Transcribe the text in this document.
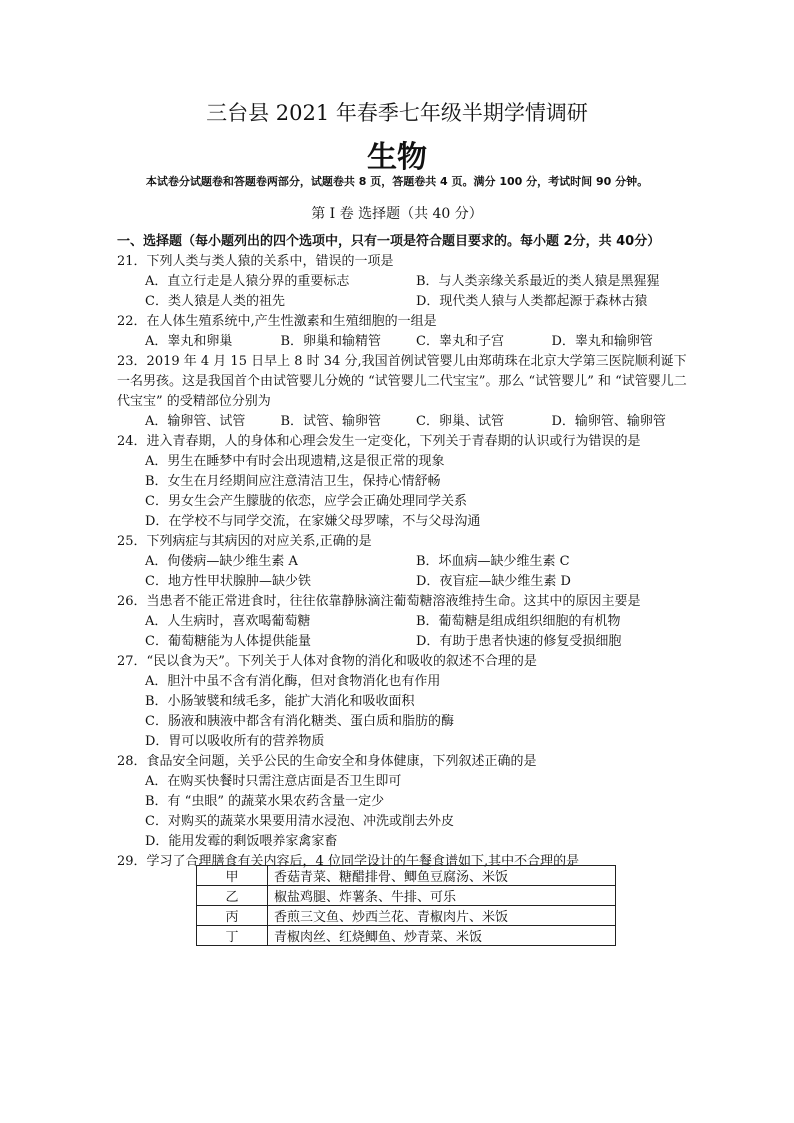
三台县 2021 年春季七年级半期学情调研
生物
本试卷分试题卷和答题卷两部分，试题卷共 8 页，答题卷共 4 页。满分 100 分，考试时间 90 分钟。
第 Ⅰ 卷 选择题（共 40 分）
一、选择题（每小题列出的四个选项中，只有一项是符合题目要求的。每小题 2分，共 40分）
21．下列人类与类人猿的关系中，错误的一项是
A．直立行走是人猿分界的重要标志	B．与人类亲缘关系最近的类人猿是黑猩猩
C．类人猿是人类的祖先	D．现代类人猿与人类都起源于森林古猿
22．在人体生殖系统中,产生性激素和生殖细胞的一组是
A．睾丸和卵巢	B．卵巢和输精管	C．睾丸和子宫	D．睾丸和输卵管
23．2019 年 4 月 15 日早上 8 时 34 分,我国首例试管婴儿由郑萌珠在北京大学第三医院顺利诞下一名男孩。这是我国首个由试管婴儿分娩的 “试管婴儿二代宝宝”。那么 “试管婴儿” 和 “试管婴儿二代宝宝” 的受精部位分别为
A．输卵管、试管	B．试管、输卵管	C．卵巢、试管	D．输卵管、输卵管
24．进入青春期，人的身体和心理会发生一定变化，下列关于青春期的认识或行为错误的是
A．男生在睡梦中有时会出现遗精,这是很正常的现象
B．女生在月经期间应注意清洁卫生，保持心情舒畅
C．男女生会产生朦胧的依恋，应学会正确处理同学关系
D．在学校不与同学交流，在家嫌父母罗嗦，不与父母沟通
25．下列病症与其病因的对应关系,正确的是
A．佝偻病—缺少维生素 A	B．坏血病—缺少维生素 C
C．地方性甲状腺肿—缺少铁	D．夜盲症—缺少维生素 D
26．当患者不能正常进食时，往往依靠静脉滴注葡萄糖溶液维持生命。这其中的原因主要是
A．人生病时，喜欢喝葡萄糖	B．葡萄糖是组成组织细胞的有机物
C．葡萄糖能为人体提供能量	D．有助于患者快速的修复受损细胞
27．“民以食为天”。下列关于人体对食物的消化和吸收的叙述不合理的是
A．胆汁中虽不含有消化酶，但对食物消化也有作用
B．小肠皱襞和绒毛多，能扩大消化和吸收面积
C．肠液和胰液中都含有消化糖类、蛋白质和脂肪的酶
D．胃可以吸收所有的营养物质
28．食品安全问题，关乎公民的生命安全和身体健康，下列叙述正确的是
A．在购买快餐时只需注意店面是否卫生即可
B．有 “虫眼” 的蔬菜水果农药含量一定少
C．对购买的蔬菜水果要用清水浸泡、冲洗或削去外皮
D．能用发霉的剩饭喂养家禽家畜
29．学习了合理膳食有关内容后，4 位同学设计的午餐食谱如下,其中不合理的是
甲	香菇青菜、糖醋排骨、鲫鱼豆腐汤、米饭
乙	椒盐鸡腿、炸薯条、牛排、可乐
丙	香煎三文鱼、炒西兰花、青椒肉片、米饭
丁	青椒肉丝、红烧鲫鱼、炒青菜、米饭
